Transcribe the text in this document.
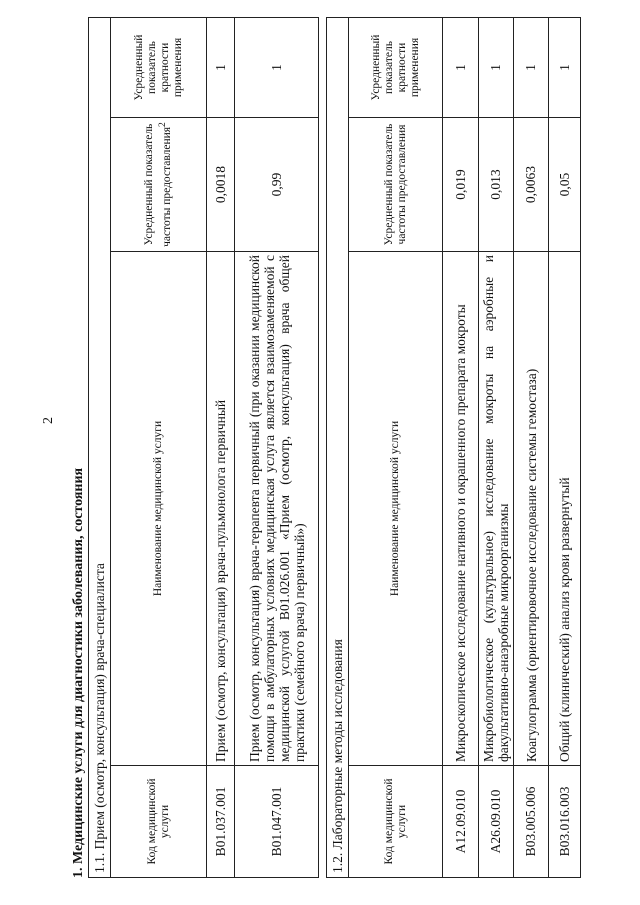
2
1. Медицинские услуги для диагностики заболевания, состояния 1.1. Прием (осмотр, консультация) врача-специалиста			
Код медицинской услуги	Наименование медицинской услуги	Усредненный показатель частоты предоставления$^2$	Усредненный показатель кратности применения
B01.037.001	Прием (осмотр, консультация) врача-пульмонолога первичный	0,0018	1
B01.047.001	Прием (осмотр, консультация) врача-терапевта первичный (при оказании медицинской помощи в амбулаторных условиях медицинская услуга является взаимозаменяемой с медицинской услугой B01.026.001 «Прием (осмотр, консультация) врача общей практики (семейного врача) первичный»)	0,99	1
1.2. Лабораторные методы исследования			
Код медицинской услуги	Наименование медицинской услуги	Усредненный показатель частоты предоставления	Усредненный показатель кратности применения
A12.09.010	Микроскопическое исследование нативного и окрашенного препарата мокроты	0,019	1
A26.09.010	Микробиологическое (культуральное) исследование мокроты на аэробные и факультативно-анаэробные микроорганизмы	0,013	1
B03.005.006	Коагулограмма (ориентировочное исследование системы гемостаза)	0,0063	1
B03.016.003	Общий (клинический) анализ крови развернутый	0,05	1
